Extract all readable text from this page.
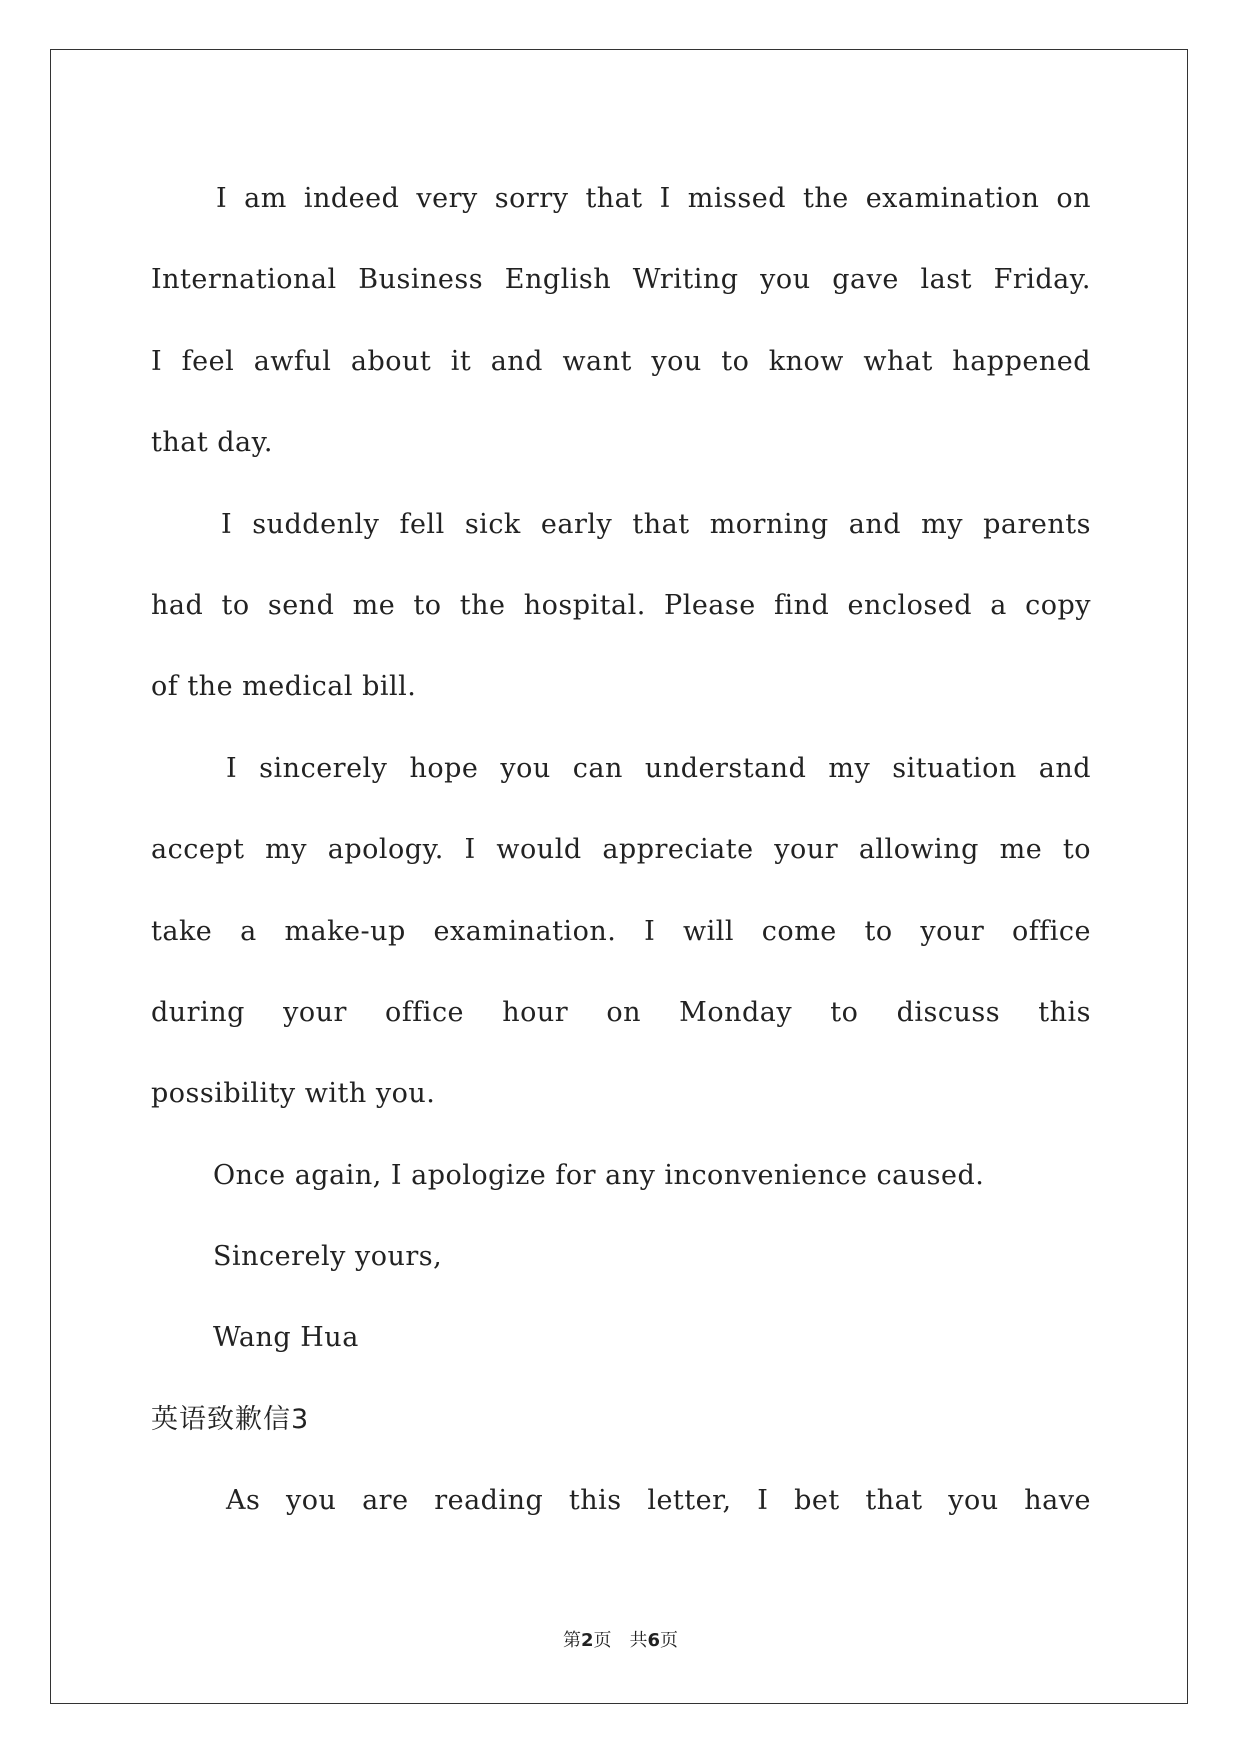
I am indeed very sorry that I missed the examination on
International Business English Writing you gave last Friday.
I feel awful about it and want you to know what happened
that day.
I suddenly fell sick early that morning and my parents
had to send me to the hospital. Please find enclosed a copy
of the medical bill.
I sincerely hope you can understand my situation and
accept my apology. I would appreciate your allowing me to
take a make-up examination. I will come to your office
during your office hour on Monday to discuss this
possibility with you.
Once again, I apologize for any inconvenience caused.
Sincerely yours,
Wang Hua
英语致歉信3
As you are reading this letter, I bet that you have
第2页 共6页
